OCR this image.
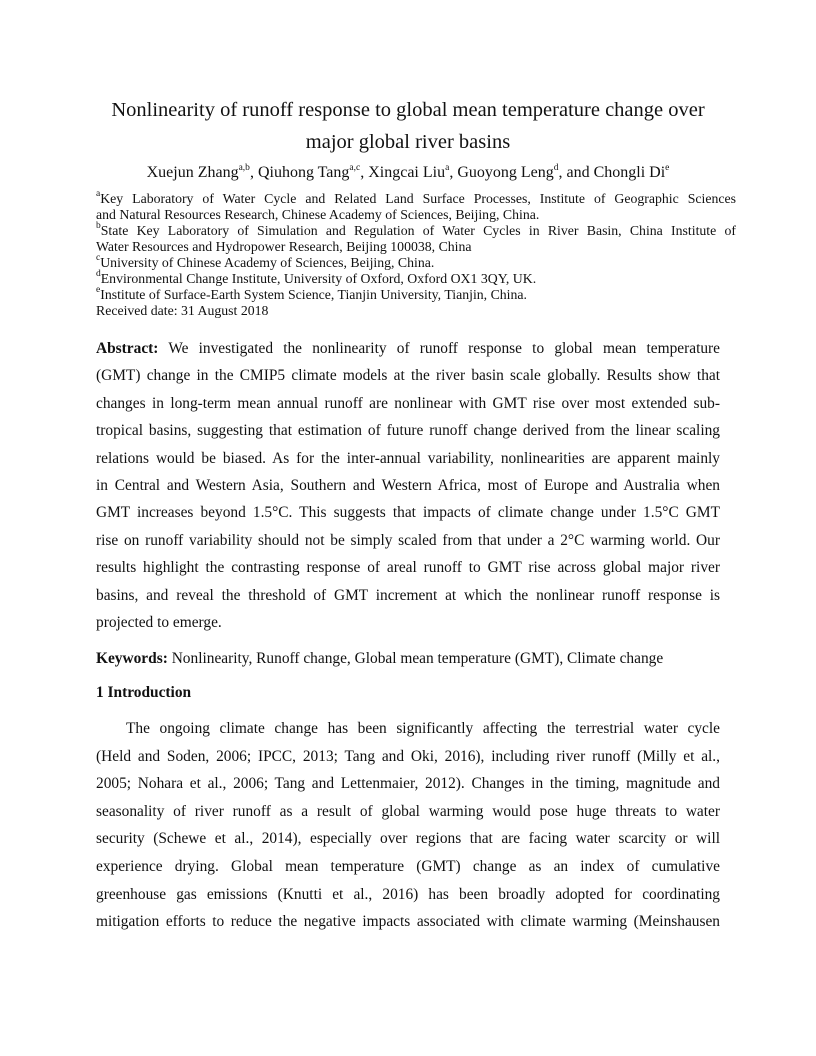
Nonlinearity of runoff response to global mean temperature change over
major global river basins
Xuejun Zhang$^{a,b}$, Qiuhong Tang$^{a,c}$, Xingcai Liu$^a$, Guoyong Leng$^d$, and Chongli Di$^e$

$^a$Key Laboratory of Water Cycle and Related Land Surface Processes, Institute of Geographic Sciences

and Natural Resources Research, Chinese Academy of Sciences, Beijing, China.

$^b$State Key Laboratory of Simulation and Regulation of Water Cycles in River Basin, China Institute of

Water Resources and Hydropower Research, Beijing 100038, China

$^c$University of Chinese Academy of Sciences, Beijing, China.

$^d$Environmental Change Institute, University of Oxford, Oxford OX1 3QY, UK.

$^e$Institute of Surface-Earth System Science, Tianjin University, Tianjin, China.

Received date: 31 August 2018

Abstract: We investigated the nonlinearity of runoff response to global mean temperature
(GMT) change in the CMIP5 climate models at the river basin scale globally. Results show that
changes in long-term mean annual runoff are nonlinear with GMT rise over most extended sub-
tropical basins, suggesting that estimation of future runoff change derived from the linear scaling
relations would be biased. As for the inter-annual variability, nonlinearities are apparent mainly
in Central and Western Asia, Southern and Western Africa, most of Europe and Australia when
GMT increases beyond 1.5°C. This suggests that impacts of climate change under 1.5°C GMT
rise on runoff variability should not be simply scaled from that under a 2°C warming world. Our
results highlight the contrasting response of areal runoff to GMT rise across global major river
basins, and reveal the threshold of GMT increment at which the nonlinear runoff response is
projected to emerge.
Keywords: Nonlinearity, Runoff change, Global mean temperature (GMT), Climate change
1 Introduction
The ongoing climate change has been significantly affecting the terrestrial water cycle
(Held and Soden, 2006; IPCC, 2013; Tang and Oki, 2016), including river runoff (Milly et al.,
2005; Nohara et al., 2006; Tang and Lettenmaier, 2012). Changes in the timing, magnitude and
seasonality of river runoff as a result of global warming would pose huge threats to water
security (Schewe et al., 2014), especially over regions that are facing water scarcity or will
experience drying. Global mean temperature (GMT) change as an index of cumulative
greenhouse gas emissions (Knutti et al., 2016) has been broadly adopted for coordinating
mitigation efforts to reduce the negative impacts associated with climate warming (Meinshausen
